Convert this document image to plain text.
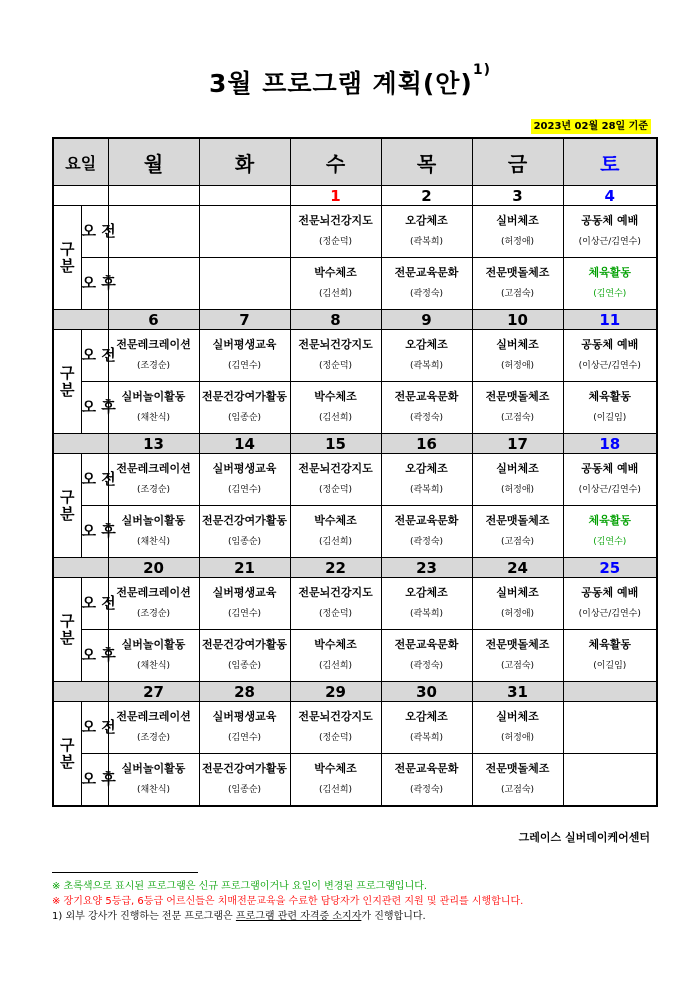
3월 프로그램 계획(안)$^{1)}$
2023년 02월 28일 기준
요일		월	화	수	목	금	토
				1	2	3	4
구 분	오 전			전문뇌건강지도
(정순덕)	오감체조
(곽복희)	실버체조
(허정애)	공동체 예배
(이상근/김연수)

	오 후			박수체조
(김선희)	전문교육문화
(곽정숙)	전문맷돌체조
(고점숙)	체육활동
(김연수)

		6	7	8	9	10	11
구 분	오 전	전문레크레이션
(조경순)	실버평생교육
(김연수)	전문뇌건강지도
(정순덕)	오감체조
(곽복희)	실버체조
(허정애)	공동체 예배
(이상근/김연수)

	오 후	실버놀이활동
(채찬식)	전문건강여가활동
(임종순)	박수체조
(김선희)	전문교육문화
(곽정숙)	전문맷돌체조
(고점숙)	체육활동
(이길임)

		13	14	15	16	17	18
구 분	오 전	전문레크레이션
(조경순)	실버평생교육
(김연수)	전문뇌건강지도
(정순덕)	오감체조
(곽복희)	실버체조
(허정애)	공동체 예배
(이상근/김연수)

	오 후	실버놀이활동
(채찬식)	전문건강여가활동
(임종순)	박수체조
(김선희)	전문교육문화
(곽정숙)	전문맷돌체조
(고점숙)	체육활동
(김연수)

		20	21	22	23	24	25
구 분	오 전	전문레크레이션
(조경순)	실버평생교육
(김연수)	전문뇌건강지도
(정순덕)	오감체조
(곽복희)	실버체조
(허정애)	공동체 예배
(이상근/김연수)

	오 후	실버놀이활동
(채찬식)	전문건강여가활동
(임종순)	박수체조
(김선희)	전문교육문화
(곽정숙)	전문맷돌체조
(고점숙)	체육활동
(이길임)

		27	28	29	30	31	
구 분	오 전	전문레크레이션
(조경순)	실버평생교육
(김연수)	전문뇌건강지도
(정순덕)	오감체조
(곽복희)	실버체조
(허정애)	

	오 후	실버놀이활동
(채찬식)	전문건강여가활동
(임종순)	박수체조
(김선희)	전문교육문화
(곽정숙)	전문맷돌체조
(고점숙)	

그레이스 실버데이케어센터
※ 초록색으로 표시된 프로그램은 신규 프로그램이거나 요일이 변경된 프로그램입니다.
※ 장기요양 5등급, 6등급 어르신들은 치매전문교육을 수료한 담당자가 인지관련 지원 및 관리를 시행합니다.
1) 외부 강사가 진행하는 전문 프로그램은 프로그램 관련 자격증 소지자가 진행합니다.
